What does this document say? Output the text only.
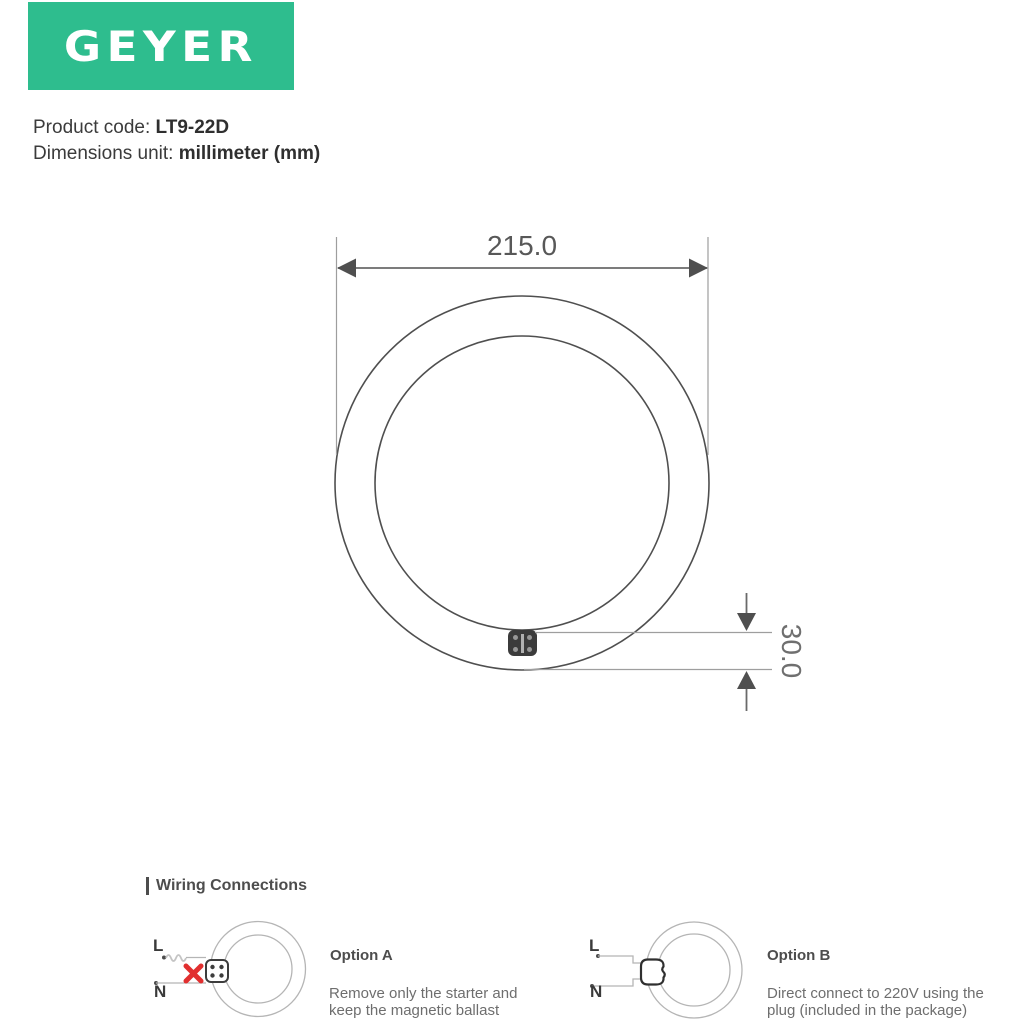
GEYER
Product code: LT9-22D
Dimensions unit: millimeter (mm)
215.0
30.0
Wiring Connections
L
N
Option A
Remove only the starter and
keep the magnetic ballast
L
N
Option B
Direct connect to 220V using the
plug (included in the package)
